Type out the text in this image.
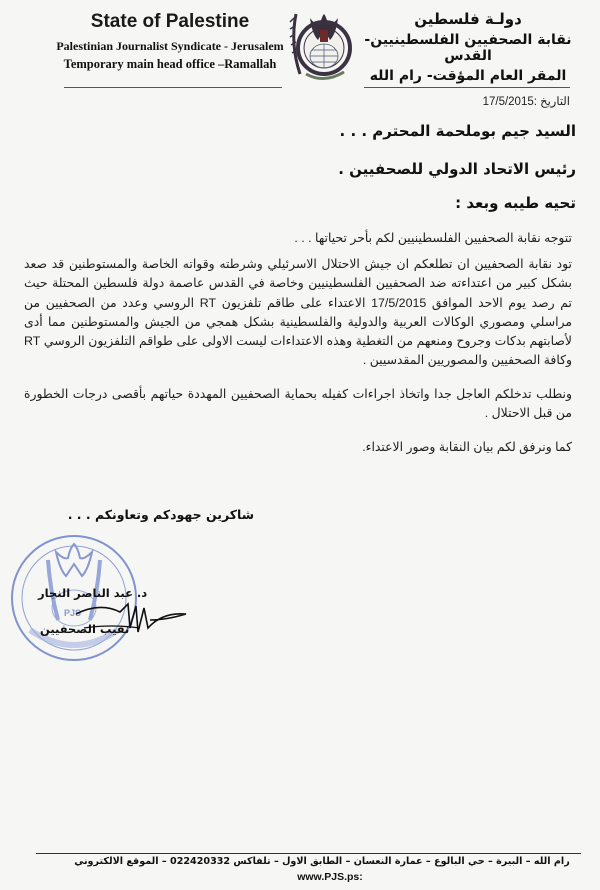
State of Palestine
Palestinian Journalist Syndicate - Jerusalem
Temporary main head office –Ramallah
دولـة فلسطين
نقابة الصحفيين الفلسطينيين- القدس
المقر العام المؤقت- رام الله
التاريخ :17/5/2015
السيد جيم بوملحمة المحترم . . .
رئيس الاتحاد الدولي للصحفيين .
تحيه طيبه وبعد :
تتوجه نقابة الصحفيين الفلسطينيين لكم بأحر تحياتها . . .
تود نقابة الصحفيين ان تطلعكم ان جيش الاحتلال الاسرئيلي وشرطته وقواته الخاصة والمستوطنين قد صعد بشكل كبير من اعتداءته ضد الصحفيين الفلسطينيين وخاصة في القدس عاصمة دولة فلسطين المحتلة حيث تم رصد يوم الاحد الموافق 17/5/2015 الاعتداء على طاقم تلفزيون RT الروسي وعدد من الصحفيين من مراسلي ومصوري الوكالات العربية والدولية والفلسطينية بشكل همجي من الجيش والمستوطنين مما أدى لأصابتهم بدكات وجروح ومنعهم من التغطية وهذه الاعتداءات ليست الاولى على طواقم التلفزيون الروسي RT وكافة الصحفيين والمصوريين المقدسيين .
ونطلب تدخلكم العاجل جدا واتخاذ اجراءات كفيله بحماية الصحفيين المهددة حياتهم بأقصى درجات الخطورة من قبل الاحتلال .
كما ونرفق لكم بيان النقابة وصور الاعتداء.
شاكرين جهودكم وتعاونكم . . .
PJS
د. عبد الناصر النجار
نقيب الصحفيين
رام الله – البيرة – حي البالوع – عمارة النعسان – الطابق الاول – تلفاكس 022420332 – الموقع الالكتروني
www.PJS.ps:
